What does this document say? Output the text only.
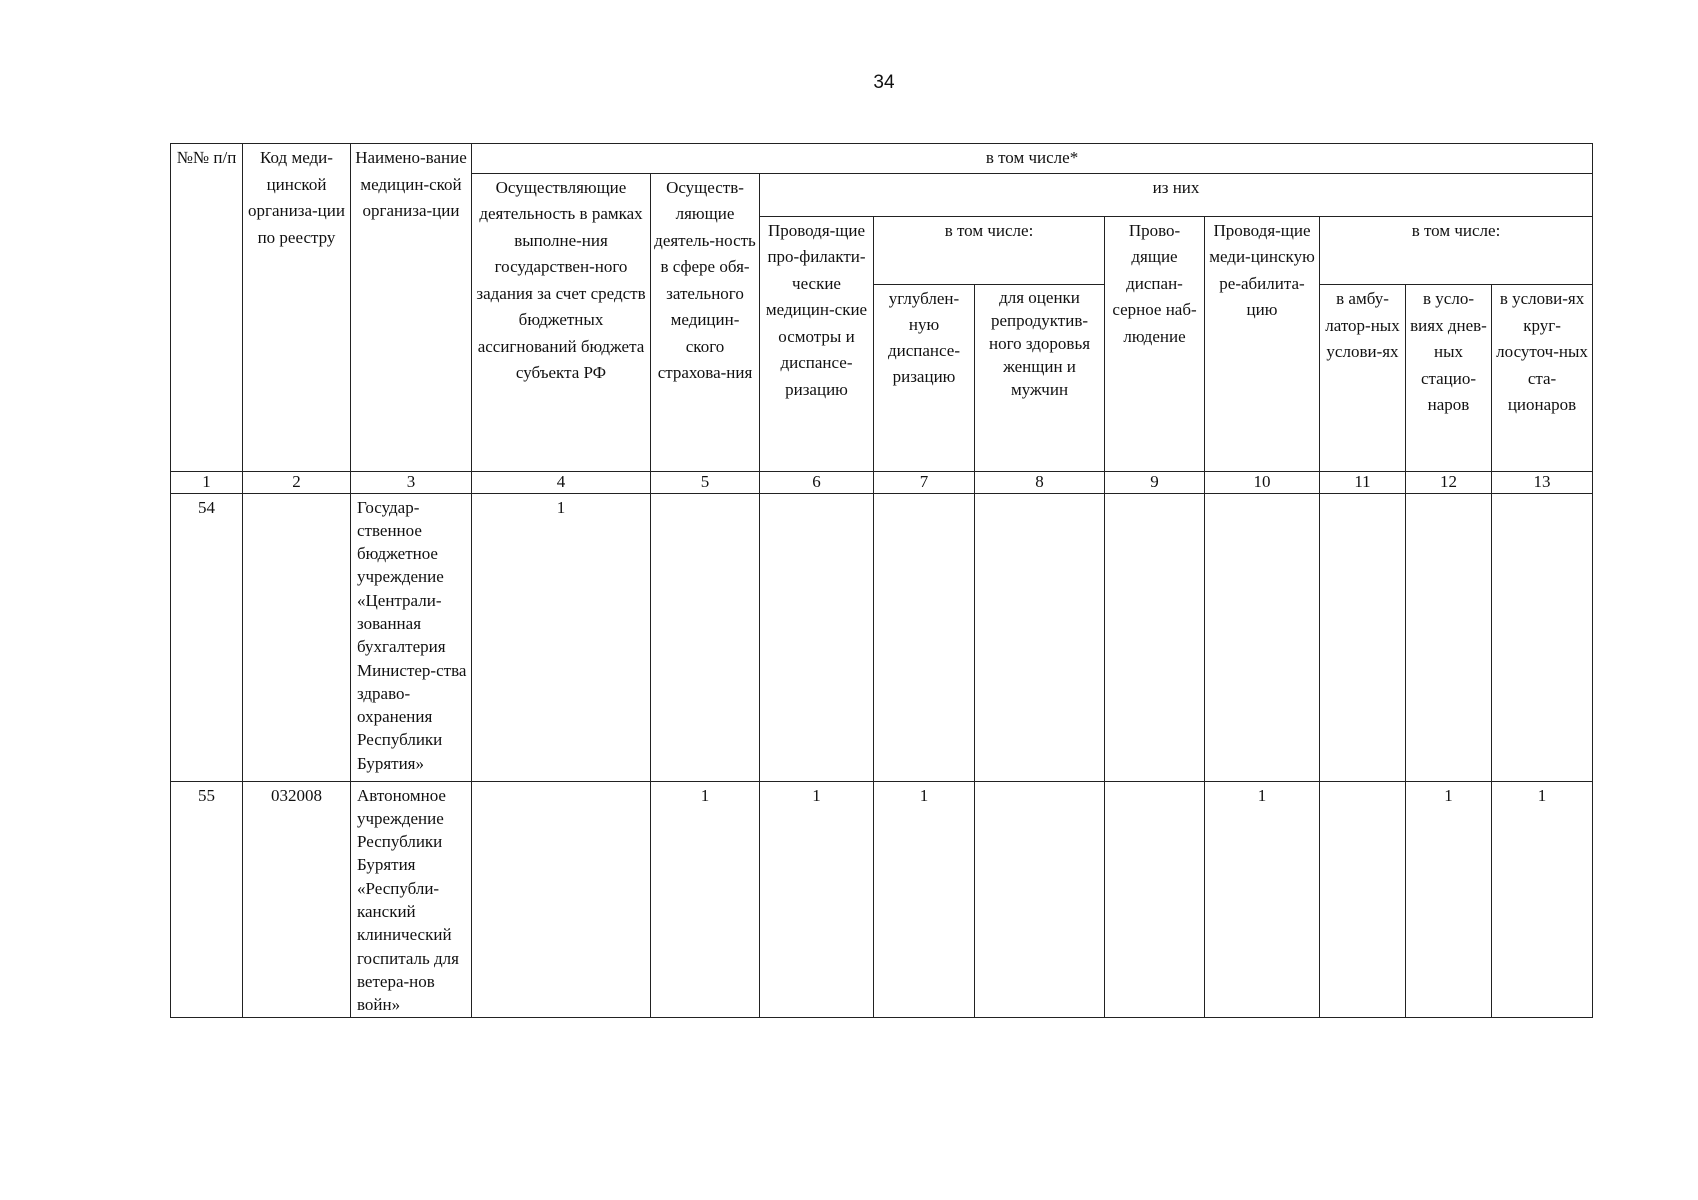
34
№№ п/п	Код меди-цинской организа-ции по реестру	Наимено-вание медицин-ской организа-ции	в том числе*									
			Осуществляющие деятельность в рамках выполне-ния государствен-ного задания за счет средств бюджетных ассигнований бюджета субъекта РФ	Осуществ-ляющие деятель-ность в сфере обя-зательного медицин-ского страхова-ния	из них							

					Проводя-щие про-филакти-ческие медицин-ские осмотры и диспансе-ризацию	в том числе:		Прово-дящие диспан-серное наб-людение	Проводя-щие меди-цинскую ре-абилита-цию	в том числе:		
						углублен-ную диспансе-ризацию	для оценки репродуктив-ного здоровья женщин и мужчин			в амбу-латор-ных услови-ях	в усло-виях днев-ных стацио-наров	в услови-ях круг-лосуточ-ных ста-ционаров
1	2	3	4	5	6	7	8	9	10	11	12	13
54		Государ-ственное бюджетное учреждение «Централи-зованная бухгалтерия Министер-ства здраво-охранения Республики Бурятия»	1									
55	032008	Автономное учреждение Республики Бурятия «Республи-канский клинический госпиталь для ветера-нов войн»		1	1	1			1		1	1
